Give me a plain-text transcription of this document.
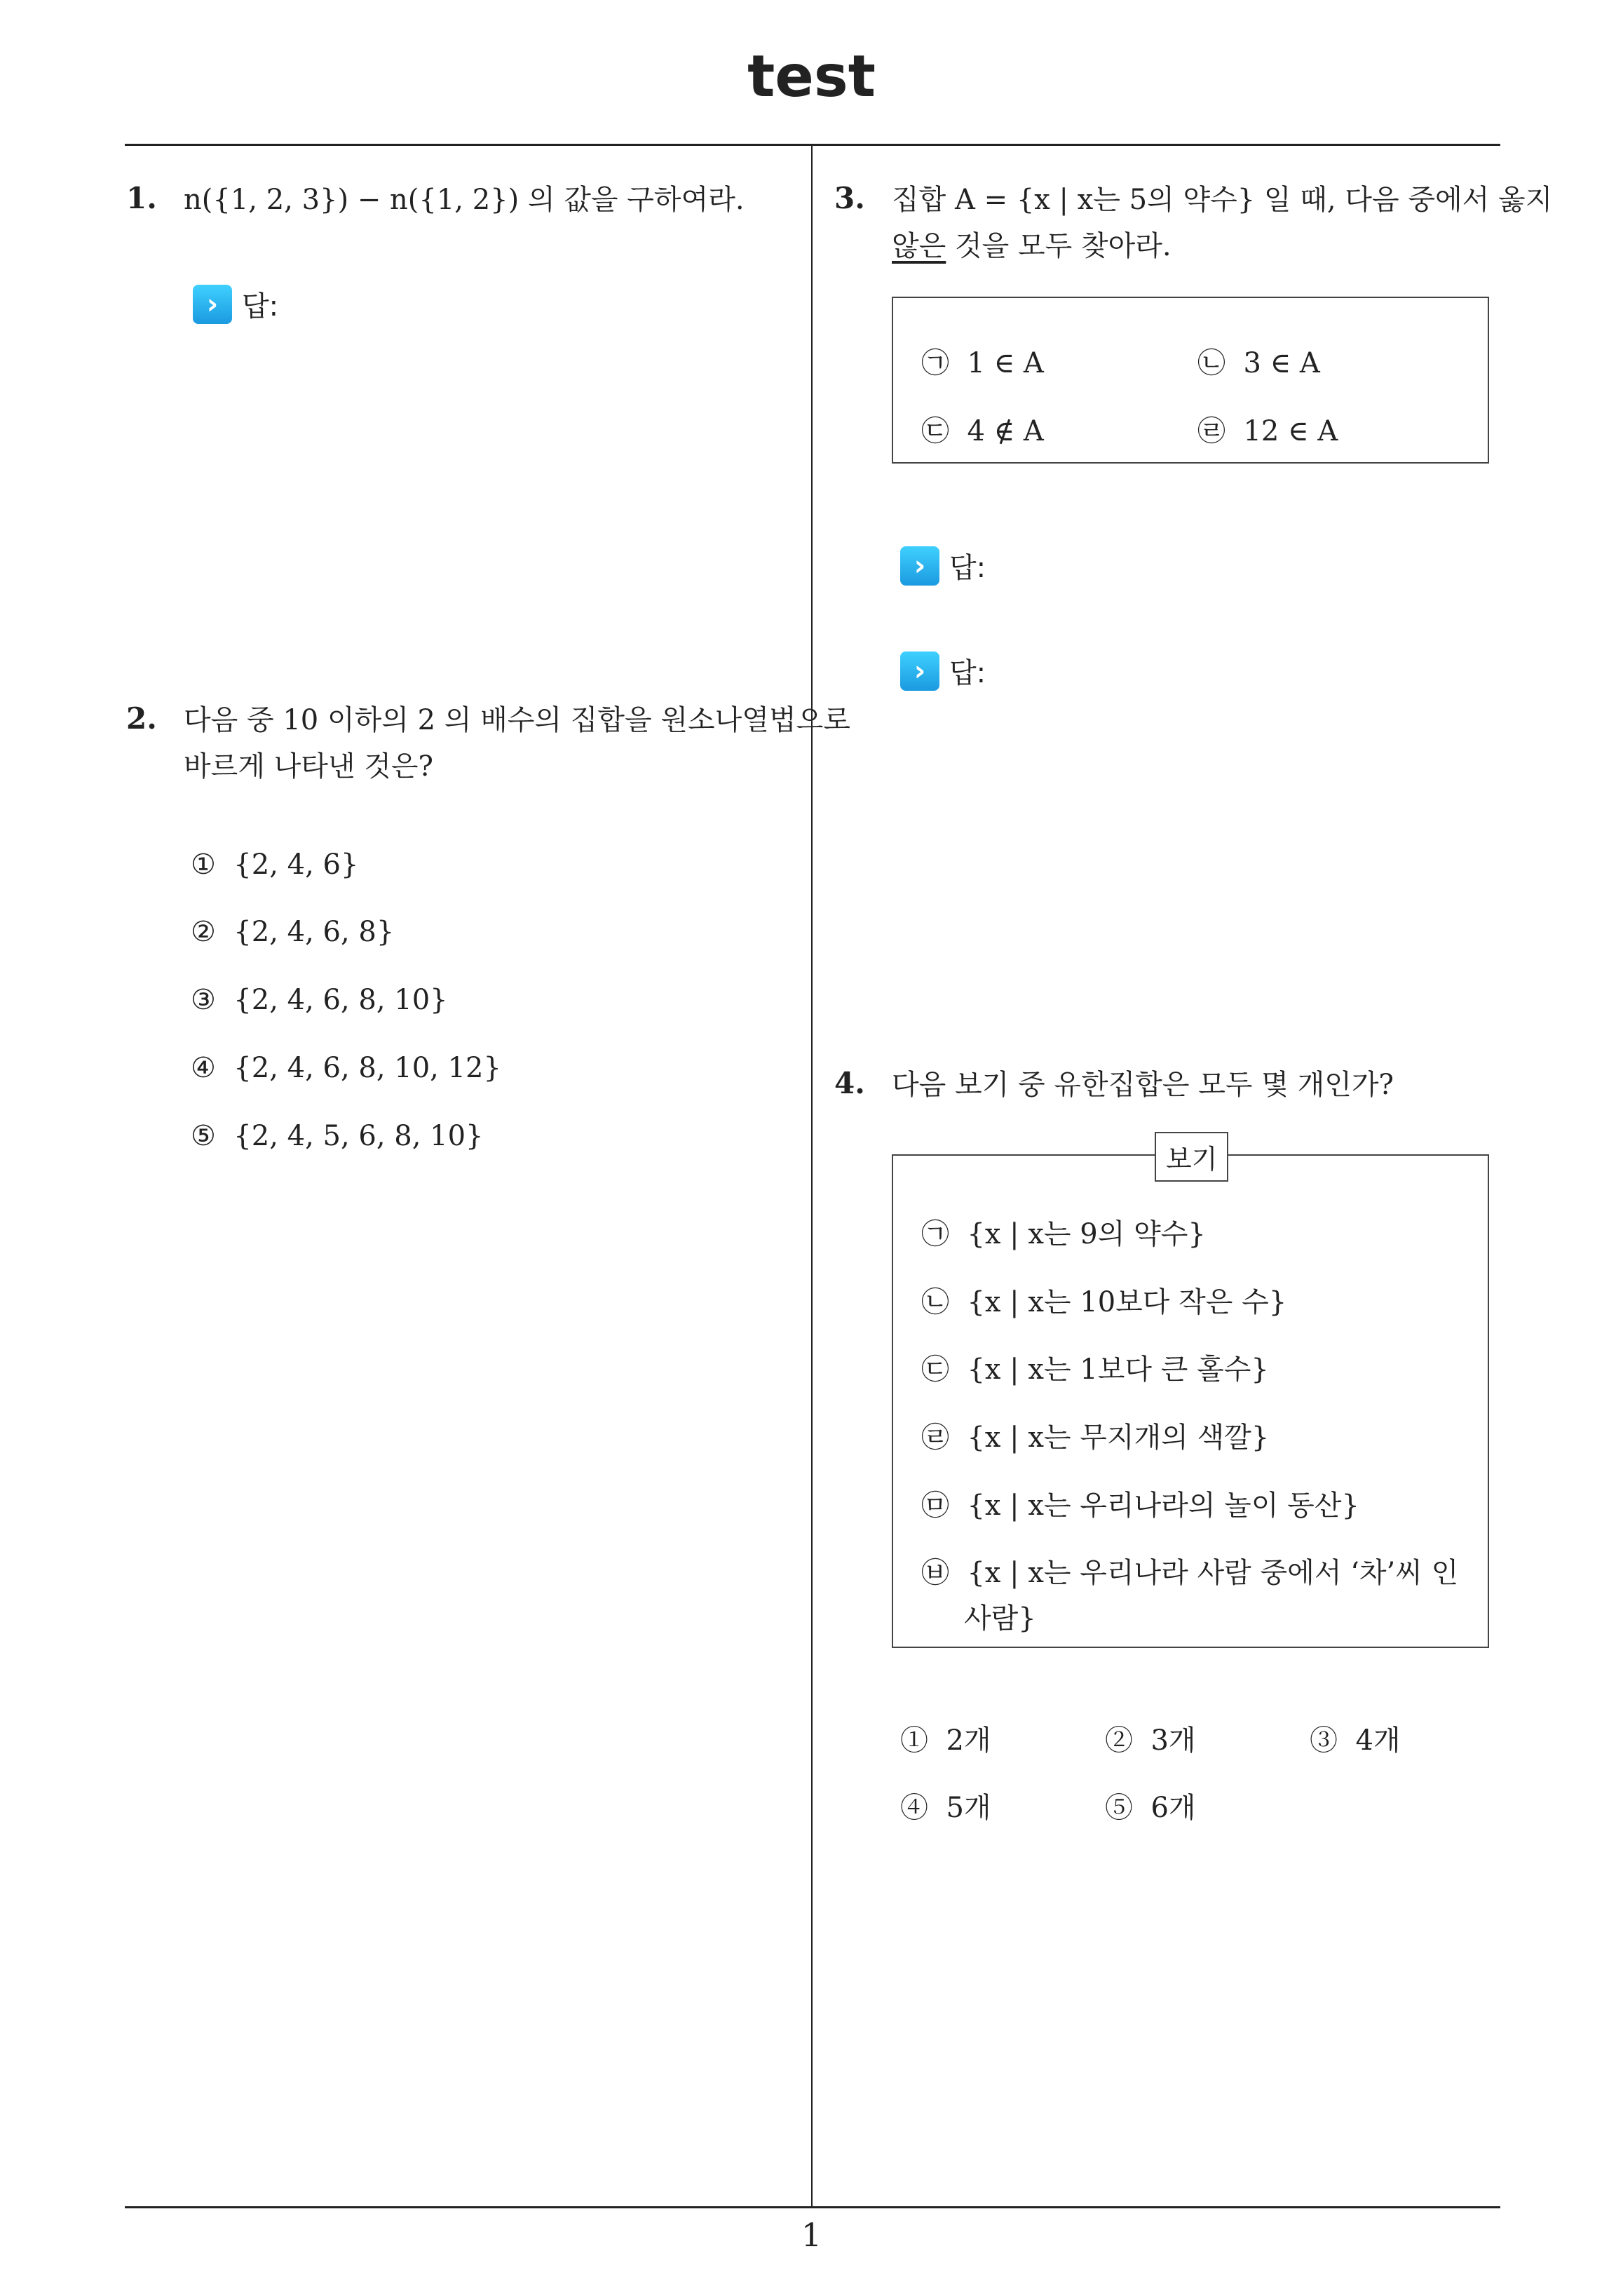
test
1. n({1, 2, 3}) − n({1, 2}) 의 값을 구하여라.
› 답:
2. 다음 중 10 이하의 2 의 배수의 집합을 원소나열법으로
바르게 나타낸 것은?
① {2, 4, 6}
② {2, 4, 6, 8}
③ {2, 4, 6, 8, 10}
④ {2, 4, 6, 8, 10, 12}
⑤ {2, 4, 5, 6, 8, 10}
3. 집합 A = {x | x는 5의 약수} 일 때, 다음 중에서 옳지
않은 것을 모두 찾아라.
㉠ 1 ∈ A	㉡ 3 ∈ A
㉢ 4 ∉ A	㉣ 12 ∈ A
› 답:
› 답:
4. 다음 보기 중 유한집합은 모두 몇 개인가?
보기
㉠ {x | x는 9의 약수}
㉡ {x | x는 10보다 작은 수}
㉢ {x | x는 1보다 큰 홀수}
㉣ {x | x는 무지개의 색깔}
㉤ {x | x는 우리나라의 놀이 동산}
㉥ {x | x는 우리나라 사람 중에서 ‘차’씨 인
사람}
① 2개	② 3개	③ 4개
④ 5개	⑤ 6개
1
